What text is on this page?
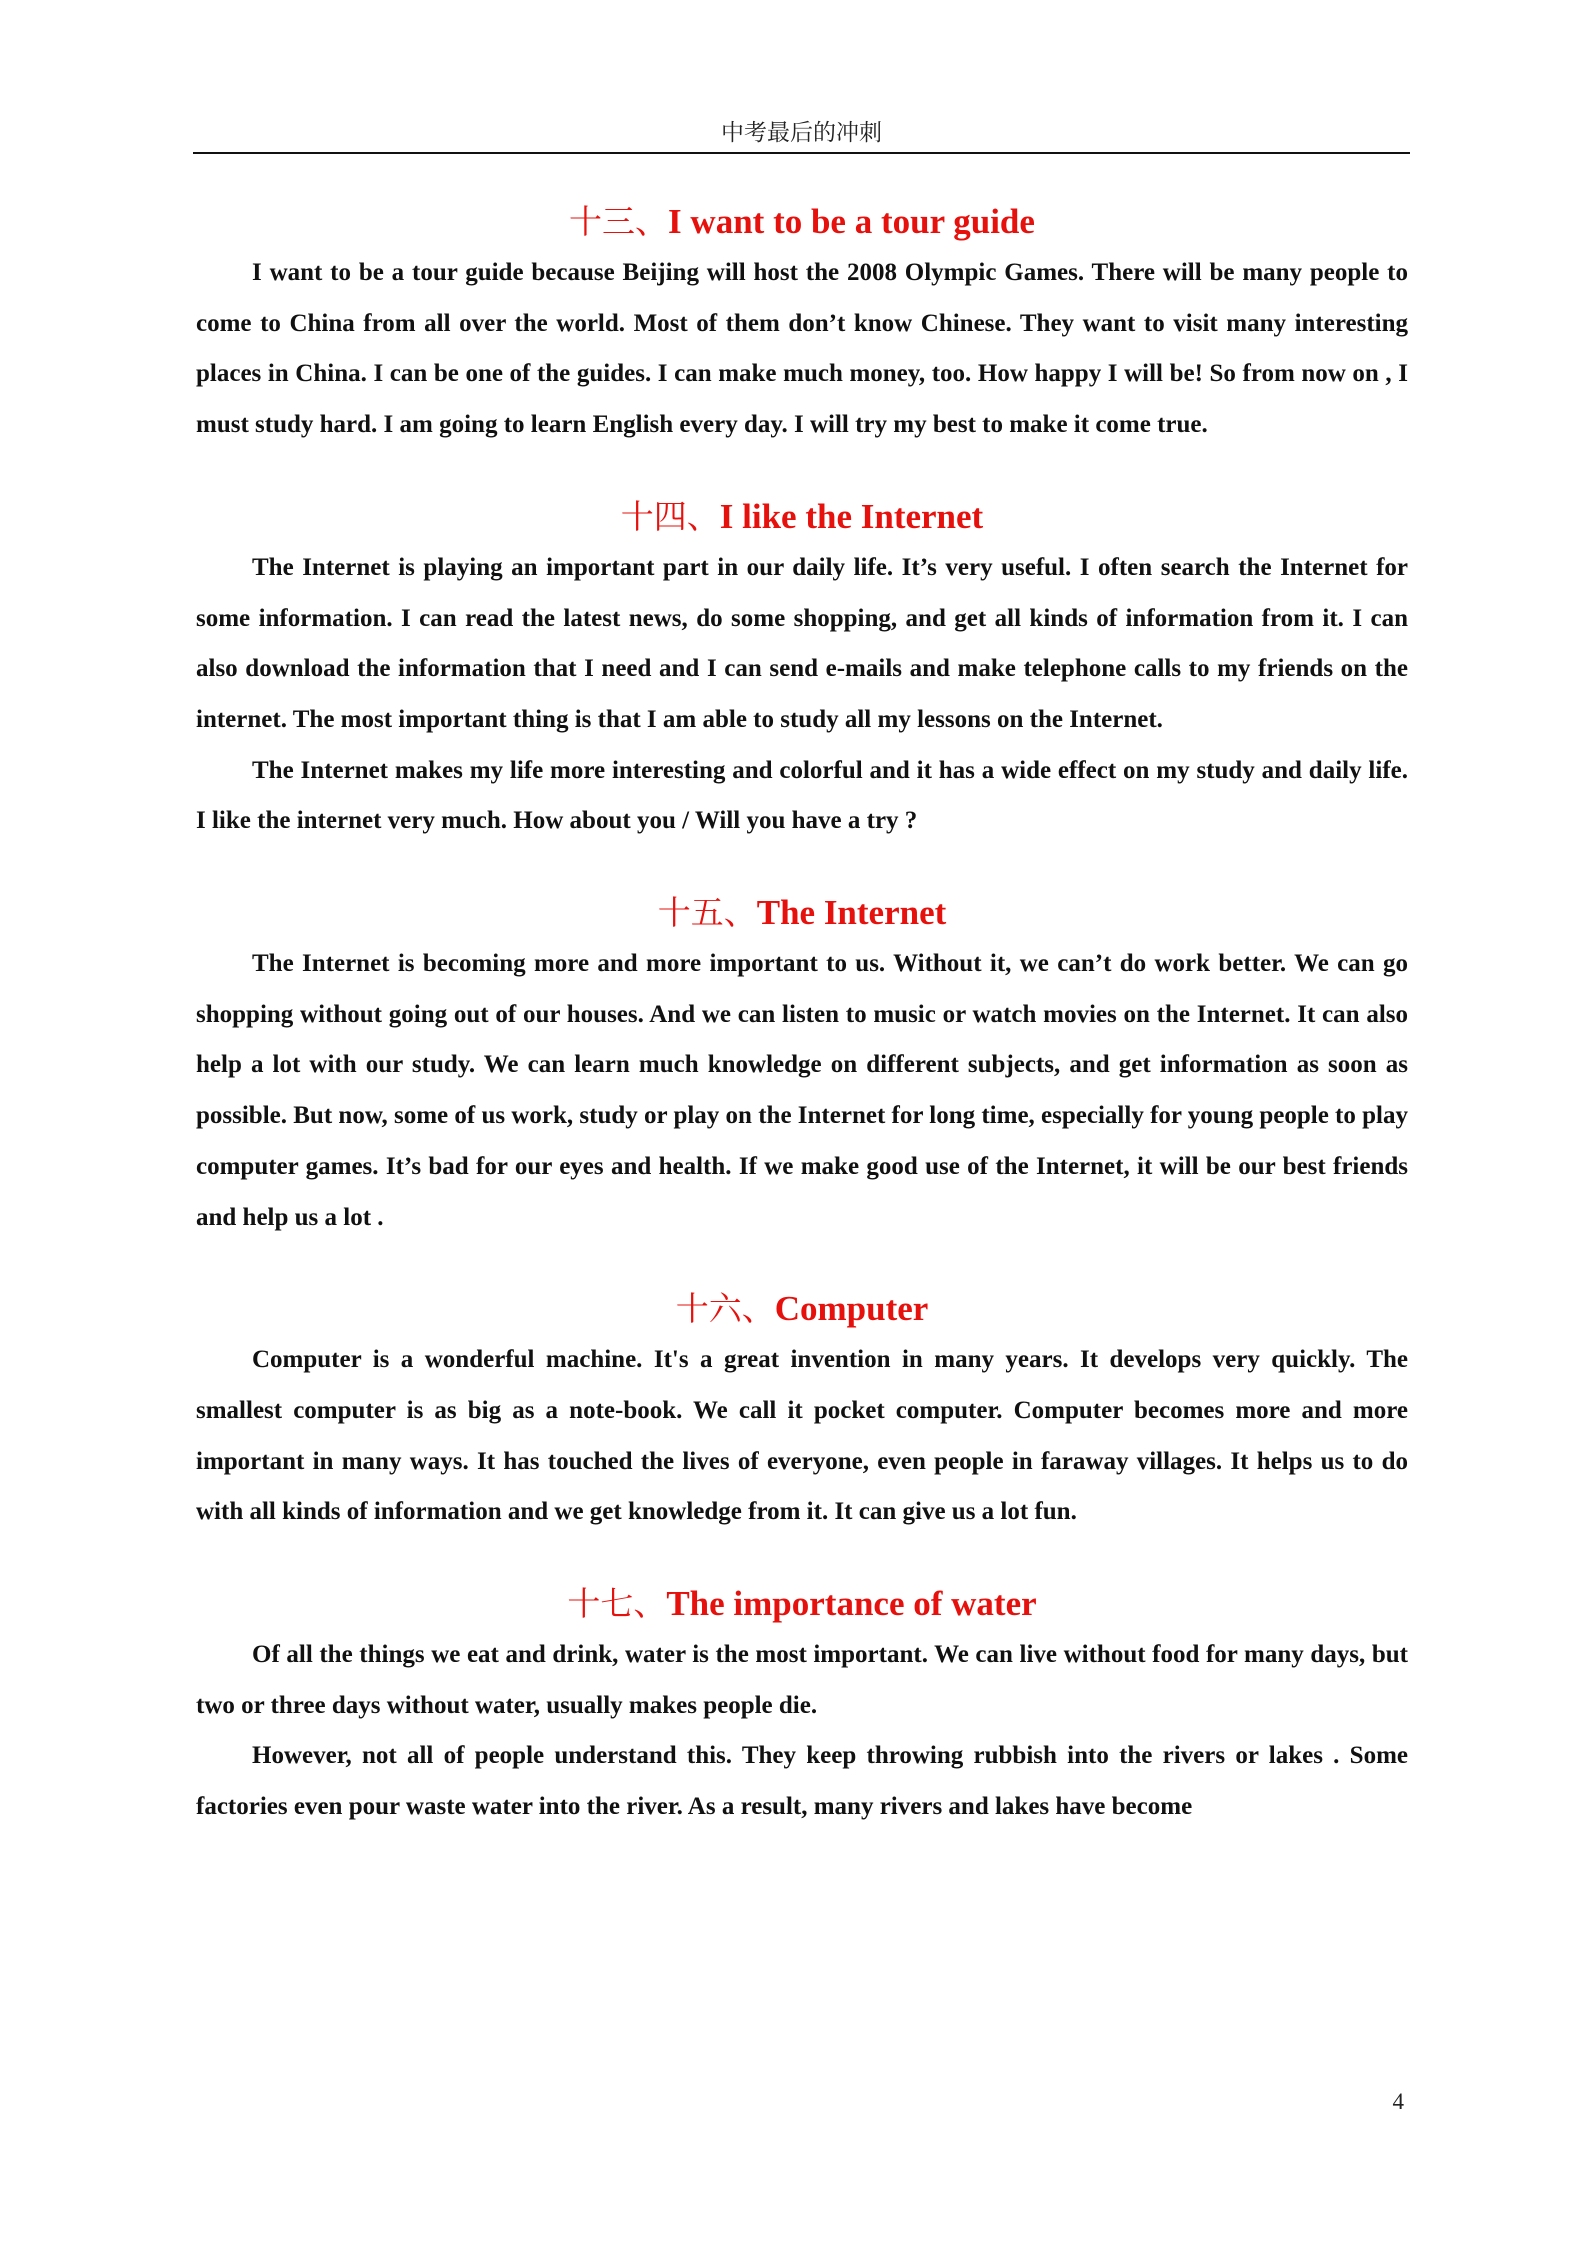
中考最后的冲刺
十三、I want to be a tour guide

I want to be a tour guide because Beijing will host the 2008 Olympic Games. There will be many people to come to China from all over the world. Most of them don’t know Chinese. They want to visit many interesting places in China. I can be one of the guides. I can make much money, too. How happy I will be! So from now on , I must study hard. I am going to learn English every day. I will try my best to make it come true.

十四、I like the Internet

The Internet is playing an important part in our daily life. It’s very useful. I often search the Internet for some information. I can read the latest news, do some shopping, and get all kinds of information from it. I can also download the information that I need and I can send e-mails and make telephone calls to my friends on the internet. The most important thing is that I am able to study all my lessons on the Internet.

The Internet makes my life more interesting and colorful and it has a wide effect on my study and daily life. I like the internet very much. How about you / Will you have a try ?

十五、The Internet

The Internet is becoming more and more important to us. Without it, we can’t do work better. We can go shopping without going out of our houses. And we can listen to music or watch movies on the Internet. It can also help a lot with our study. We can learn much knowledge on different subjects, and get information as soon as possible. But now, some of us work, study or play on the Internet for long time, especially for young people to play computer games. It’s bad for our eyes and health. If we make good use of the Internet, it will be our best friends and help us a lot .

十六、Computer

Computer is a wonderful machine. It's a great invention in many years. It develops very quickly. The smallest computer is as big as a note-book. We call it pocket computer. Computer becomes more and more important in many ways. It has touched the lives of everyone, even people in faraway villages. It helps us to do with all kinds of information and we get knowledge from it. It can give us a lot fun.

十七、The importance of water

Of all the things we eat and drink, water is the most important. We can live without food for many days, but two or three days without water, usually makes people die.

However, not all of people understand this. They keep throwing rubbish into the rivers or lakes . Some factories even pour waste water into the river. As a result, many rivers and lakes have become

4
